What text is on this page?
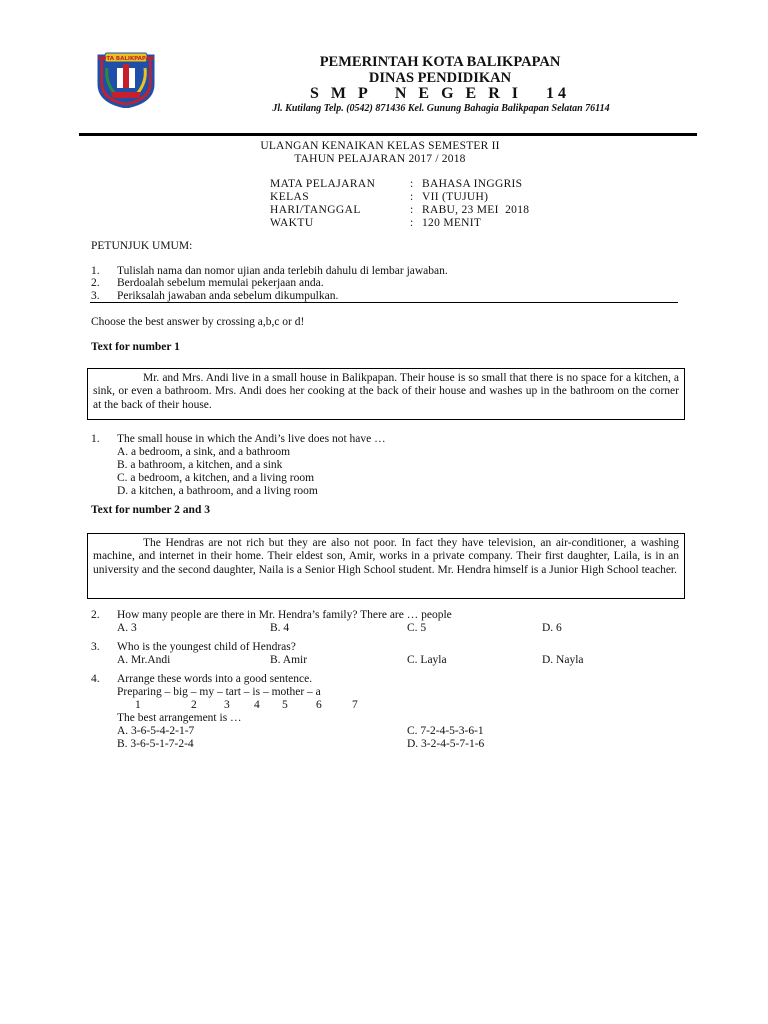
KOTA BALIKPAPAN	PEMERINTAH KOTA BALIKPAPAN
DINAS PENDIDIKAN
S M P   N E G E R I   14
Jl. Kutilang Telp. (0542) 871436 Kel. Gunung Bahagia Balikpapan Selatan 76114
ULANGAN KENAIKAN KELAS SEMESTER II
TAHUN PELAJARAN 2017 / 2018
MATA PELAJARAN	: BAHASA INGGRIS
KELAS	: VII (TUJUH)
HARI/TANGGAL	: RABU, 23 MEI  2018
WAKTU	: 120 MENIT
PETUNJUK UMUM:
1. Tulislah nama dan nomor ujian anda terlebih dahulu di lembar jawaban.
2. Berdoalah sebelum memulai pekerjaan anda.
3. Periksalah jawaban anda sebelum dikumpulkan.
Choose the best answer by crossing a,b,c or d!
Text for number 1

Mr. and Mrs. Andi live in a small house in Balikpapan. Their house is so small that there is no space for a kitchen, a sink, or even a bathroom. Mrs. Andi does her cooking at the back of their house and washes up in the bathroom on the corner at the back of their house.

1. The small house in which the Andi’s live does not have …
A. a bedroom, a sink, and a bathroom
B. a bathroom, a kitchen, and a sink
C. a bedroom, a kitchen, and a living room
D. a kitchen, a bathroom, and a living room
Text for number 2 and 3

The Hendras are not rich but they are also not poor. In fact they have television, an air-conditioner, a washing machine, and internet in their home. Their eldest son, Amir, works in a private company. Their first daughter, Laila, is in an university and the second daughter, Naila is a Senior High School student. Mr. Hendra himself is a Junior High School teacher.

2. How many people are there in Mr. Hendra’s family? There are … people
A. 3	B. 4	C. 5	D. 6
3. Who is the youngest child of Hendras?
A. Mr.Andi	B. Amir	C. Layla	D. Nayla
4. Arrange these words into a good sentence.
Preparing – big – my – tart – is – mother – a
1	2 3 4 5 6	7
The best arrangement is …
A. 3-6-5-4-2-1-7	C. 7-2-4-5-3-6-1
B. 3-6-5-1-7-2-4	D. 3-2-4-5-7-1-6
